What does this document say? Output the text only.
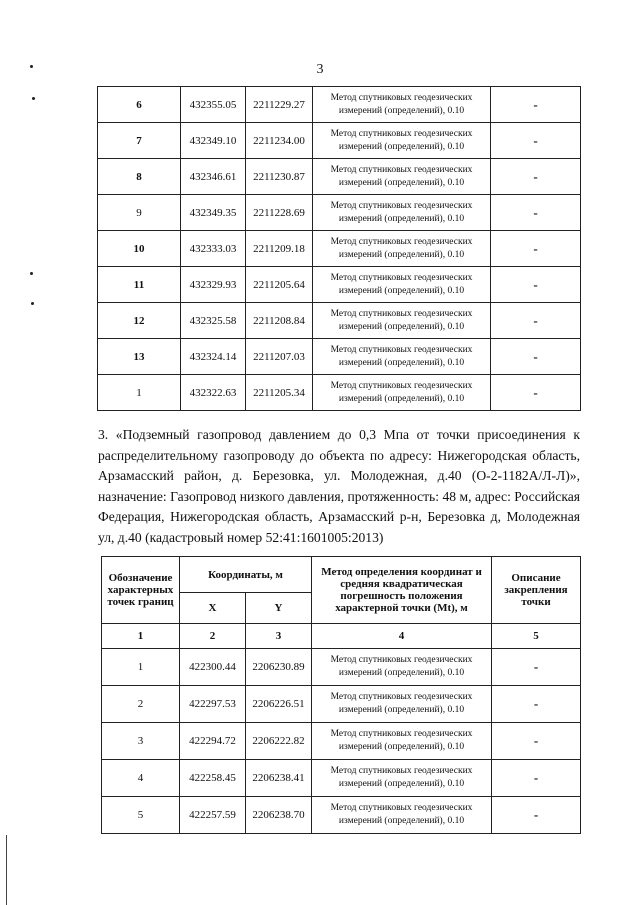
3
6	432355.05	2211229.27	Метод спутниковых геодезических измерений (определений), 0.10	-
7	432349.10	2211234.00	Метод спутниковых геодезических измерений (определений), 0.10	-
8	432346.61	2211230.87	Метод спутниковых геодезических измерений (определений), 0.10	-
9	432349.35	2211228.69	Метод спутниковых геодезических измерений (определений), 0.10	-
10	432333.03	2211209.18	Метод спутниковых геодезических измерений (определений), 0.10	-
11	432329.93	2211205.64	Метод спутниковых геодезических измерений (определений), 0.10	-
12	432325.58	2211208.84	Метод спутниковых геодезических измерений (определений), 0.10	-
13	432324.14	2211207.03	Метод спутниковых геодезических измерений (определений), 0.10	-
1	432322.63	2211205.34	Метод спутниковых геодезических измерений (определений), 0.10	-
3. «Подземный газопровод давлением до 0,3 Мпа от точки присоединения к распределительному газопроводу до объекта по адресу: Нижегородская область, Арзамасский район, д. Березовка, ул. Молодежная, д.40 (О-2-1182А/Л-Л)», назначение: Газопровод низкого давления, протяженность: 48 м, адрес: Российская Федерация, Нижегородская область, Арзамасский р-н, Березовка д, Молодежная ул, д.40 (кадастровый номер 52:41:1601005:2013)
Обозначение характерных точек границ	Координаты, м		Метод определения координат и средняя квадратическая погрешность положения характерной точки (Мt), м	Описание закрепления точки
	X	Y		
1	2	3	4	5
1	422300.44	2206230.89	Метод спутниковых геодезических измерений (определений), 0.10	-
2	422297.53	2206226.51	Метод спутниковых геодезических измерений (определений), 0.10	-
3	422294.72	2206222.82	Метод спутниковых геодезических измерений (определений), 0.10	-
4	422258.45	2206238.41	Метод спутниковых геодезических измерений (определений), 0.10	-
5	422257.59	2206238.70	Метод спутниковых геодезических измерений (определений), 0.10	-
